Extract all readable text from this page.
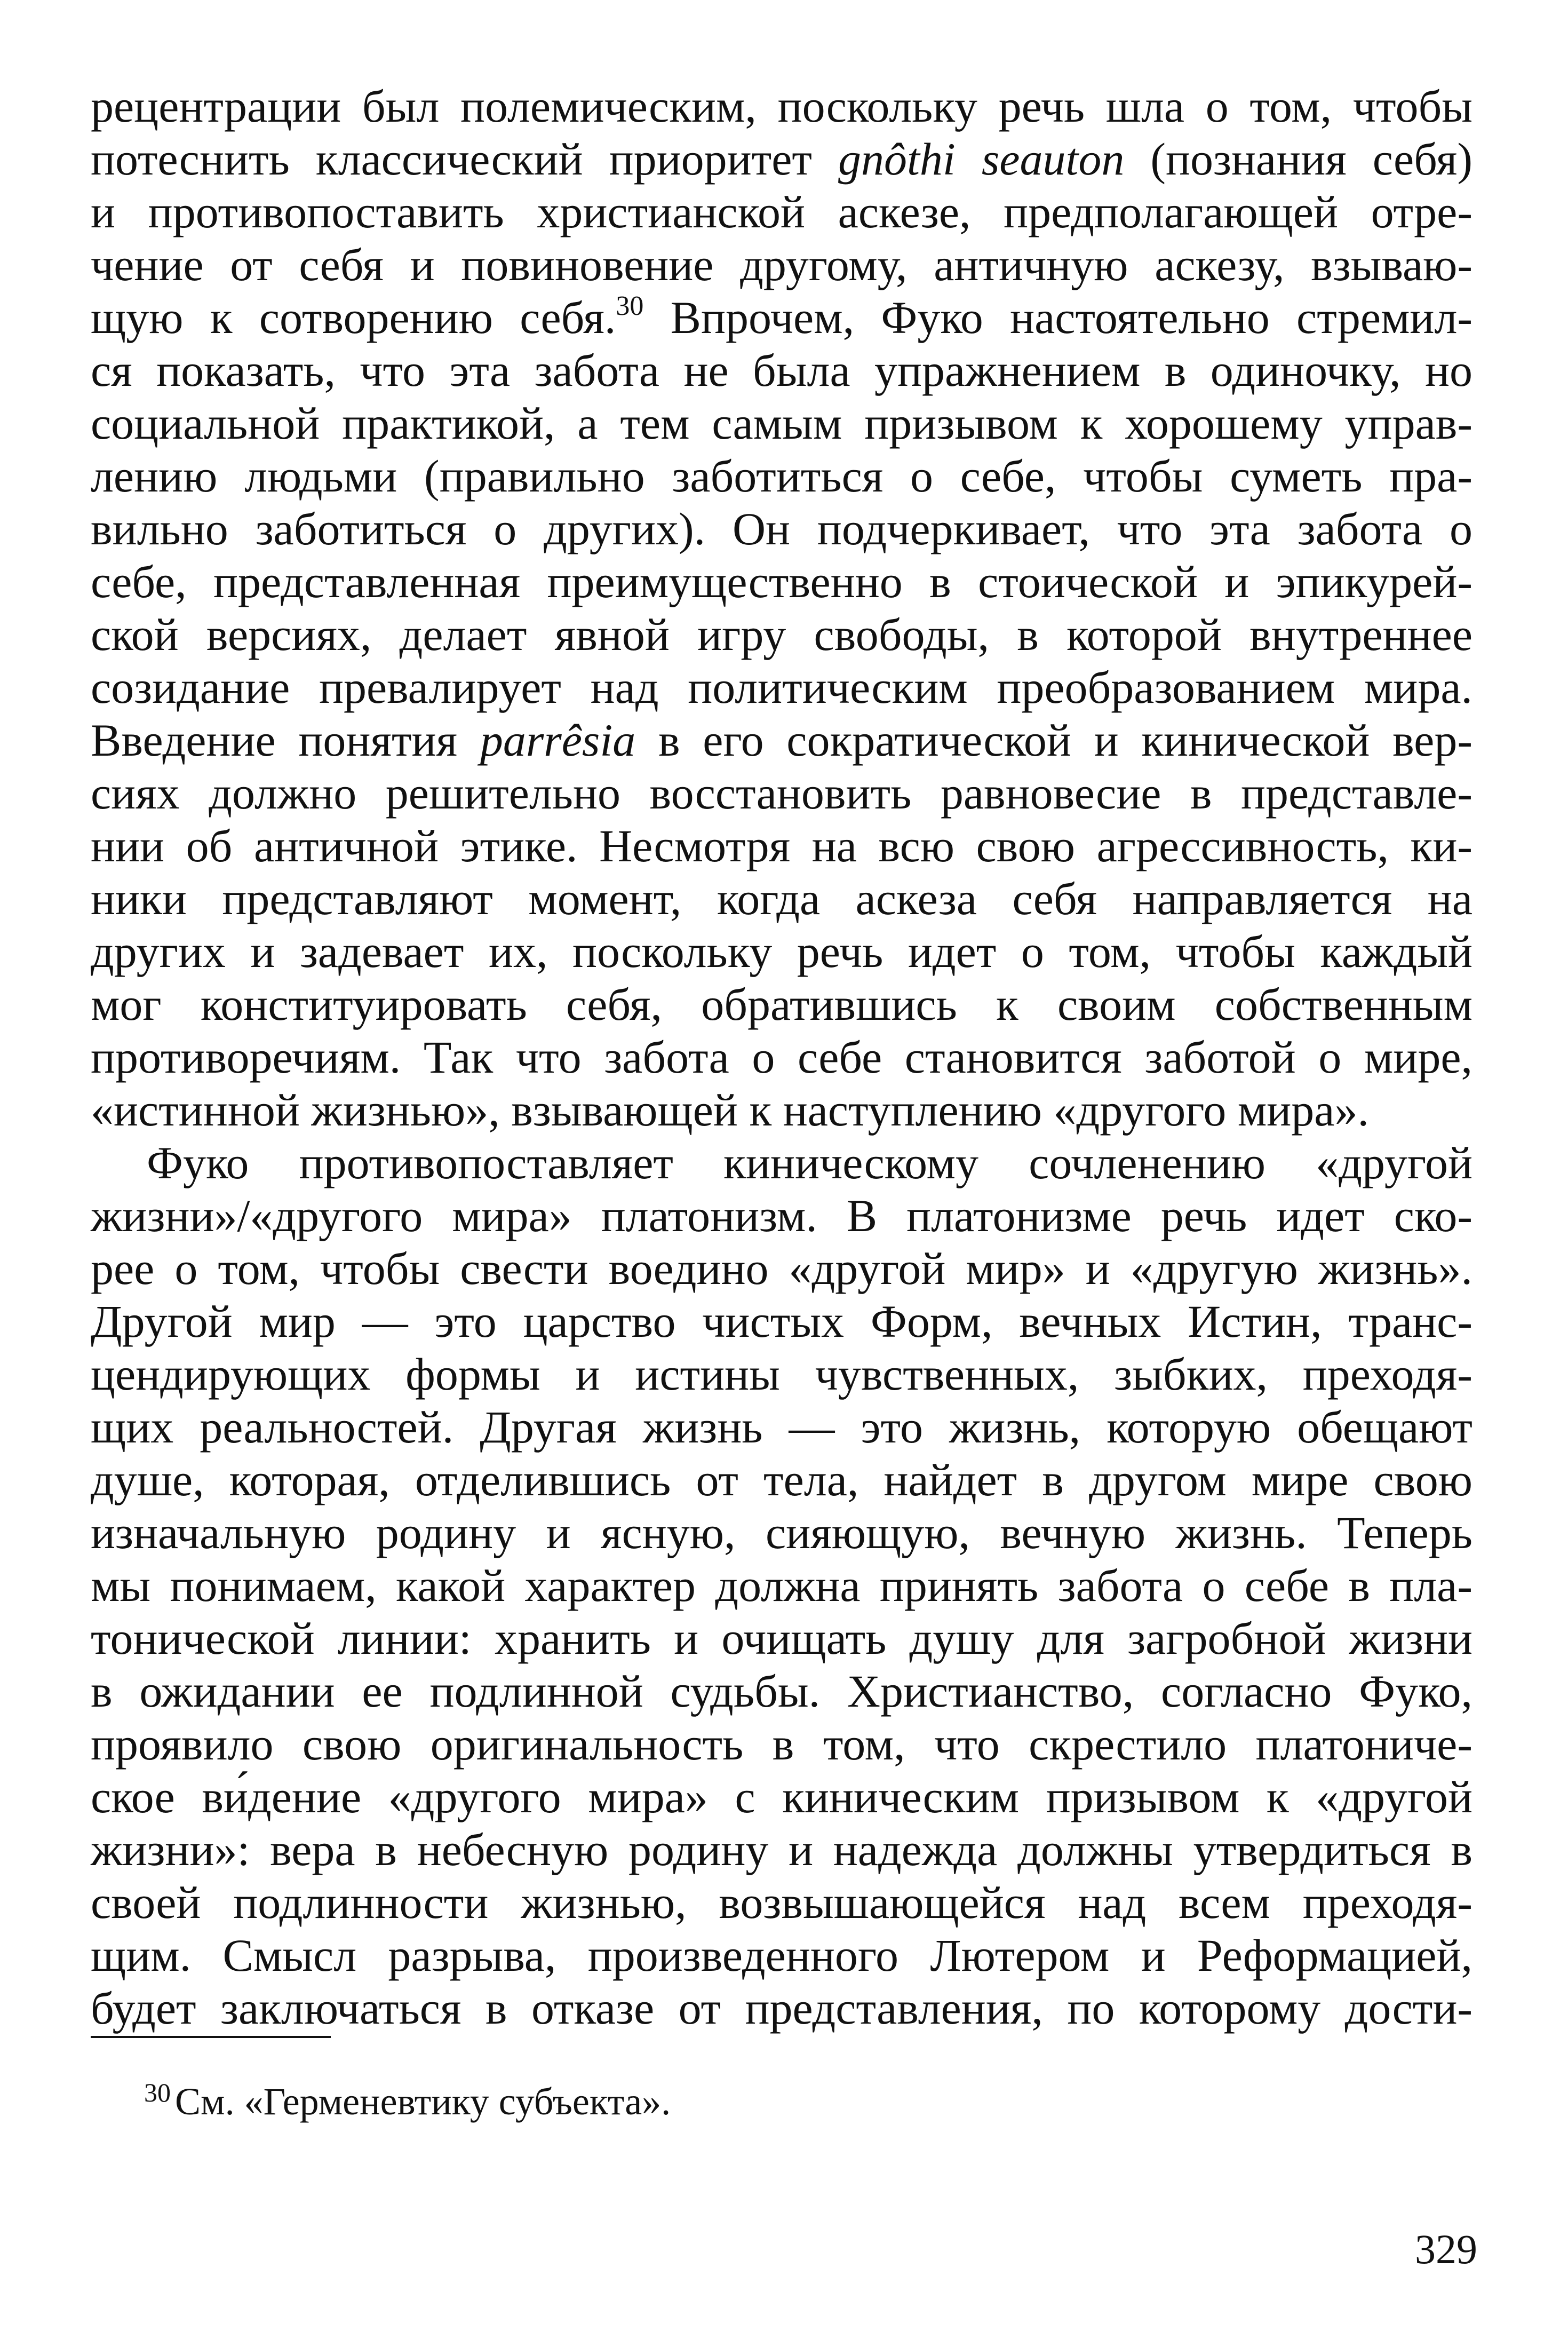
рецентрации был полемическим, поскольку речь шла о том, чтобы
потеснить классический приоритет gnôthi seauton (познания себя)
и противопоставить христианской аскезе, предполагающей отре-
чение от себя и повиновение другому, античную аскезу, взываю-
щую к сотворению себя.$^{30}$ Впрочем, Фуко настоятельно стремил-
ся показать, что эта забота не была упражнением в одиночку, но
социальной практикой, а тем самым призывом к хорошему управ-
лению людьми (правильно заботиться о себе, чтобы суметь пра-
вильно заботиться о других). Он подчеркивает, что эта забота о
себе, представленная преимущественно в стоической и эпикурей-
ской версиях, делает явной игру свободы, в которой внутреннее
созидание превалирует над политическим преобразованием мира.
Введение понятия parrêsia в его сократической и кинической вер-
сиях должно решительно восстановить равновесие в представле-
нии об античной этике. Несмотря на всю свою агрессивность, ки-
ники представляют момент, когда аскеза себя направляется на
других и задевает их, поскольку речь идет о том, чтобы каждый
мог конституировать себя, обратившись к своим собственным
противоречиям. Так что забота о себе становится заботой о мире,
«истинной жизнью», взывающей к наступлению «другого мира».
Фуко противопоставляет киническому сочленению «другой
жизни»/«другого мира» платонизм. В платонизме речь идет ско-
рее о том, чтобы свести воедино «другой мир» и «другую жизнь».
Другой мир — это царство чистых Форм, вечных Истин, транс-
цендирующих формы и истины чувственных, зыбких, преходя-
щих реальностей. Другая жизнь — это жизнь, которую обещают
душе, которая, отделившись от тела, найдет в другом мире свою
изначальную родину и ясную, сияющую, вечную жизнь. Теперь
мы понимаем, какой характер должна принять забота о себе в пла-
тонической линии: хранить и очищать душу для загробной жизни
в ожидании ее подлинной судьбы. Христианство, согласно Фуко,
проявило свою оригинальность в том, что скрестило платониче-
ское ви́дение «другого мира» с киническим призывом к «другой
жизни»: вера в небесную родину и надежда должны утвердиться в
своей подлинности жизнью, возвышающейся над всем преходя-
щим. Смысл разрыва, произведенного Лютером и Реформацией,
будет заключаться в отказе от представления, по которому дости-
$^{30}$ См. «Герменевтику субъекта».
329
